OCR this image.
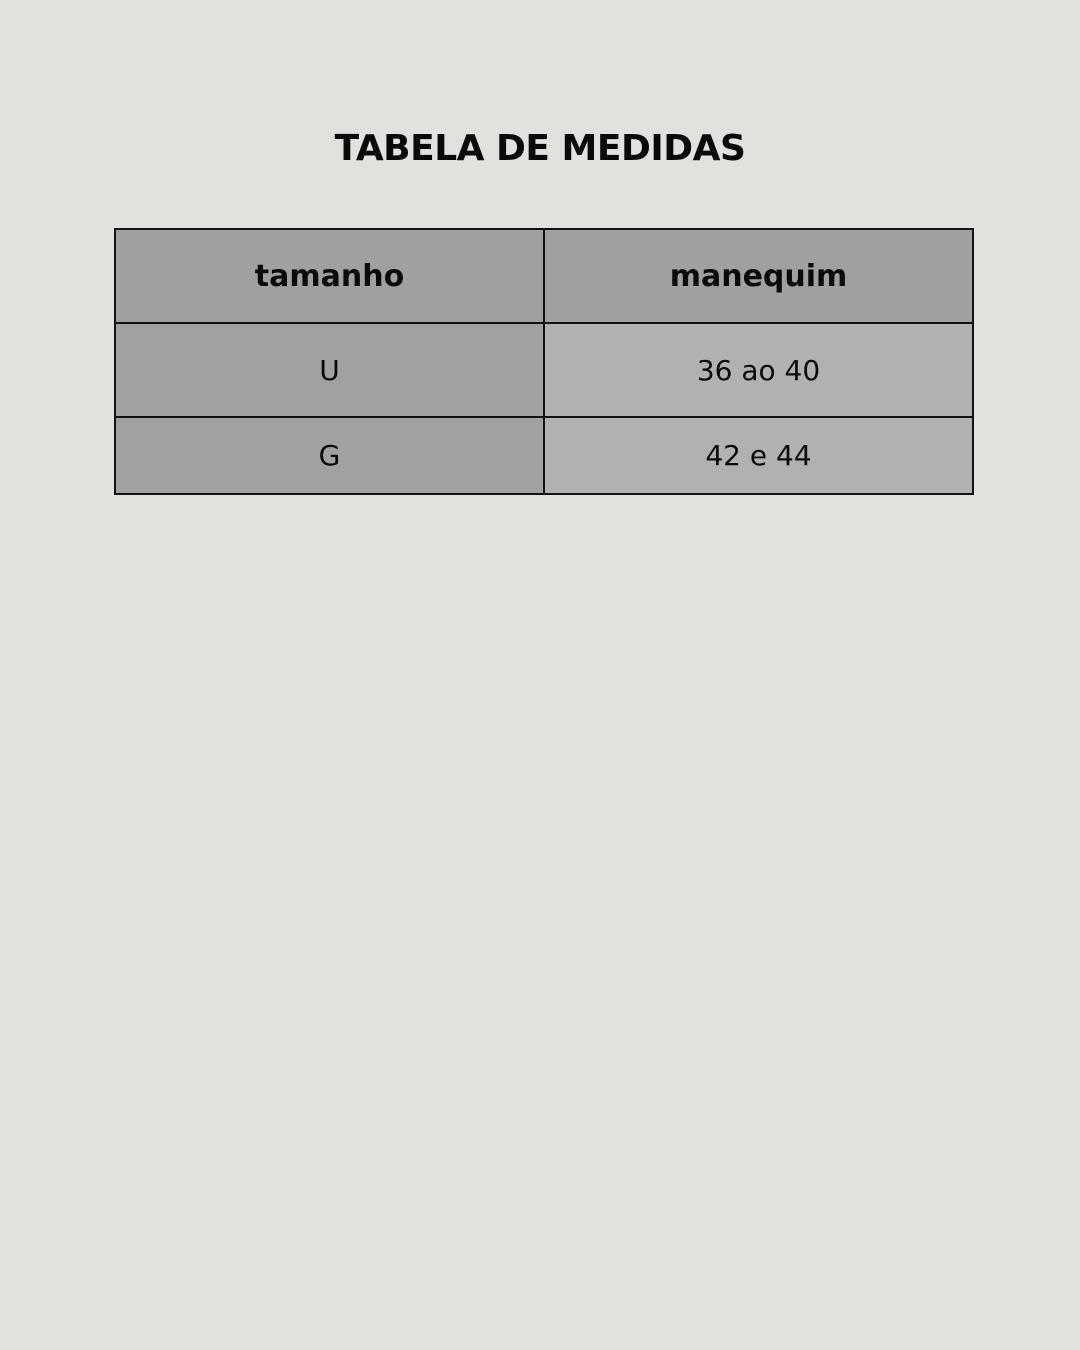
TABELA DE MEDIDAS
tamanho	manequim
U	36 ao 40
G	42 e 44
